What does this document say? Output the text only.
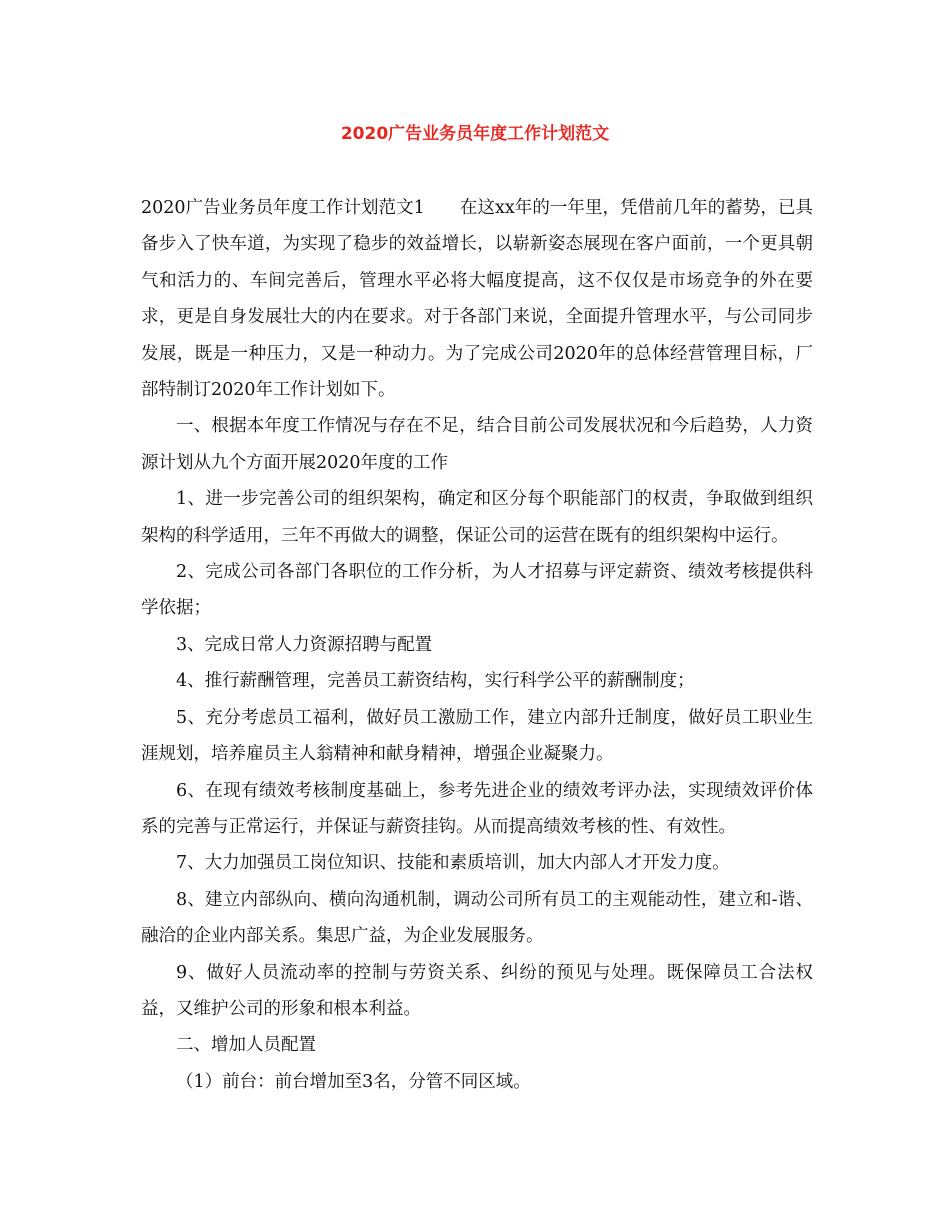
2020广告业务员年度工作计划范文

2020广告业务员年度工作计划范文1　　在这xx年的一年里，凭借前几年的蓄势，已具备步入了快车道，为实现了稳步的效益增长，以崭新姿态展现在客户面前，一个更具朝气和活力的、车间完善后，管理水平必将大幅度提高，这不仅仅是市场竞争的外在要求，更是自身发展壮大的内在要求。对于各部门来说，全面提升管理水平，与公司同步发展，既是一种压力，又是一种动力。为了完成公司2020年的总体经营管理目标，厂部特制订2020年工作计划如下。

一、根据本年度工作情况与存在不足，结合目前公司发展状况和今后趋势，人力资源计划从九个方面开展2020年度的工作

1、进一步完善公司的组织架构，确定和区分每个职能部门的权责，争取做到组织架构的科学适用，三年不再做大的调整，保证公司的运营在既有的组织架构中运行。

2、完成公司各部门各职位的工作分析，为人才招募与评定薪资、绩效考核提供科学依据；

3、完成日常人力资源招聘与配置

4、推行薪酬管理，完善员工薪资结构，实行科学公平的薪酬制度；

5、充分考虑员工福利，做好员工激励工作，建立内部升迁制度，做好员工职业生涯规划，培养雇员主人翁精神和献身精神，增强企业凝聚力。

6、在现有绩效考核制度基础上，参考先进企业的绩效考评办法，实现绩效评价体系的完善与正常运行，并保证与薪资挂钩。从而提高绩效考核的性、有效性。

7、大力加强员工岗位知识、技能和素质培训，加大内部人才开发力度。

8、建立内部纵向、横向沟通机制，调动公司所有员工的主观能动性，建立和-谐、融洽的企业内部关系。集思广益，为企业发展服务。

9、做好人员流动率的控制与劳资关系、纠纷的预见与处理。既保障员工合法权益，又维护公司的形象和根本利益。

二、增加人员配置

（1）前台：前台增加至3名，分管不同区域。
